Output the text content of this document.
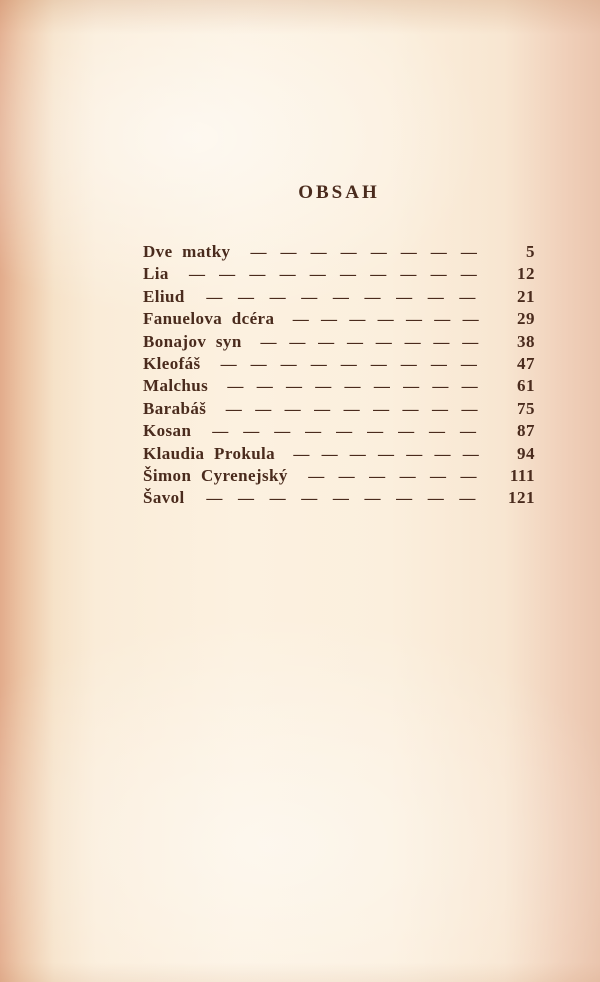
OBSAH
Dve matky — — — — — — — —	5
Lia — — — — — — — — — —	12
Eliud — — — — — — — — —	21
Fanuelova dcéra — — — — — — —	29
Bonajov syn — — — — — — — —	38
Kleofáš — — — — — — — — —	47
Malchus — — — — — — — — —	61
Barabáš — — — — — — — — —	75
Kosan — — — — — — — — —	87
Klaudia Prokula — — — — — — —	94
Šimon Cyrenejský — — — — — —	111
Šavol — — — — — — — — —	121
